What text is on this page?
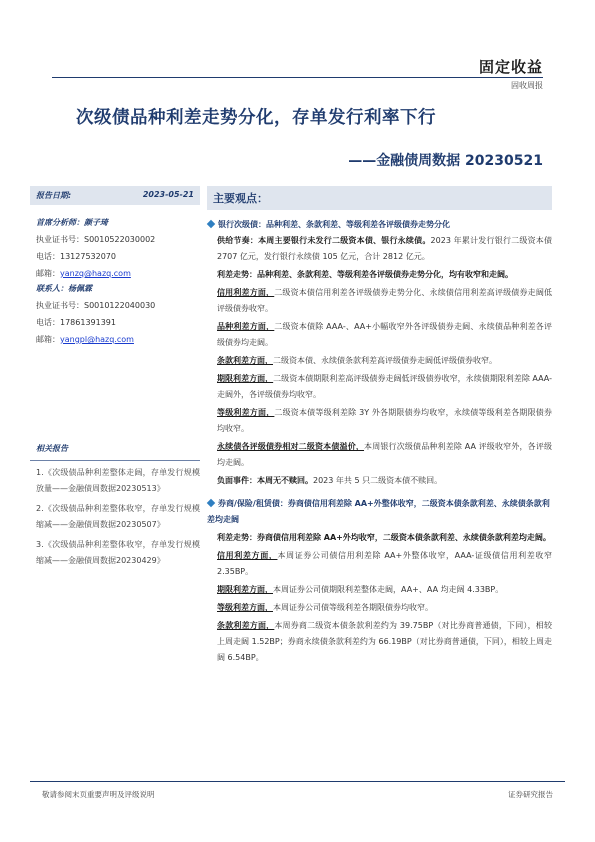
固定收益
固收周报
次级债品种利差走势分化，存单发行利率下行
——金融债周数据 20230521
报告日期:	2023-05-21
首席分析师：颜子琦
执业证书号：S0010522030002
电话：13127532070
邮箱：yanzq@hazq.com
联系人：杨佩霖
执业证书号：S0010122040030
电话：17861391391
邮箱：yangpl@hazq.com
相关报告
1.《次级债品种利差整体走阔，存单发行规模放量——金融债周数据20230513》
2.《次级债品种利差整体收窄，存单发行规模缩减——金融债周数据20230507》
3.《次级债品种利差整体收窄，存单发行规模缩减——金融债周数据20230429》
主要观点：
银行次级债：品种利差、条款利差、等级利差各评级债券走势分化
供给节奏：本周主要银行未发行二级资本债、银行永续债。2023 年累计发行银行二级资本债 2707 亿元，发行银行永续债 105 亿元，合计 2812 亿元。
利差走势：品种利差、条款利差、等级利差各评级债券走势分化，均有收窄和走阔。
信用利差方面，二级资本债信用利差各评级债券走势分化、永续债信用利差高评级债券走阔低评级债券收窄。
品种利差方面，二级资本债除 AAA-、AA+小幅收窄外各评级债券走阔、永续债品种利差各评级债券均走阔。
条款利差方面，二级资本债、永续债条款利差高评级债券走阔低评级债券收窄。
期限利差方面，二级资本债期限利差高评级债券走阔低评级债券收窄，永续债期限利差除 AAA-走阔外，各评级债券均收窄。
等级利差方面，二级资本债等级利差除 3Y 外各期限债券均收窄，永续债等级利差各期限债券均收窄。
永续债各评级债券相对二级资本债溢价，本周银行次级债品种利差除 AA 评级收窄外，各评级均走阔。
负面事件：本周无不赎回。2023 年共 5 只二级资本债不赎回。
券商/保险/租赁债：券商债信用利差除 AA+外整体收窄，二级资本债条款利差、永续债条款利差均走阔
利差走势：券商债信用利差除 AA+外均收窄，二级资本债条款利差、永续债条款利差均走阔。
信用利差方面，本周证券公司债信用利差除 AA+外整体收窄，AAA-证级债信用利差收窄 2.35BP。
期限利差方面，本周证券公司债期限利差整体走阔，AA+、AA 均走阔 4.33BP。
等级利差方面，本周证券公司债等级利差各期限债券均收窄。
条款利差方面，本周券商二级资本债条款利差约为 39.75BP（对比券商普通债，下同），相较上周走阔 1.52BP；券商永续债条款利差约为 66.19BP（对比券商普通债，下同），相较上周走阔 6.54BP。
敬请参阅末页重要声明及评级说明	证券研究报告
